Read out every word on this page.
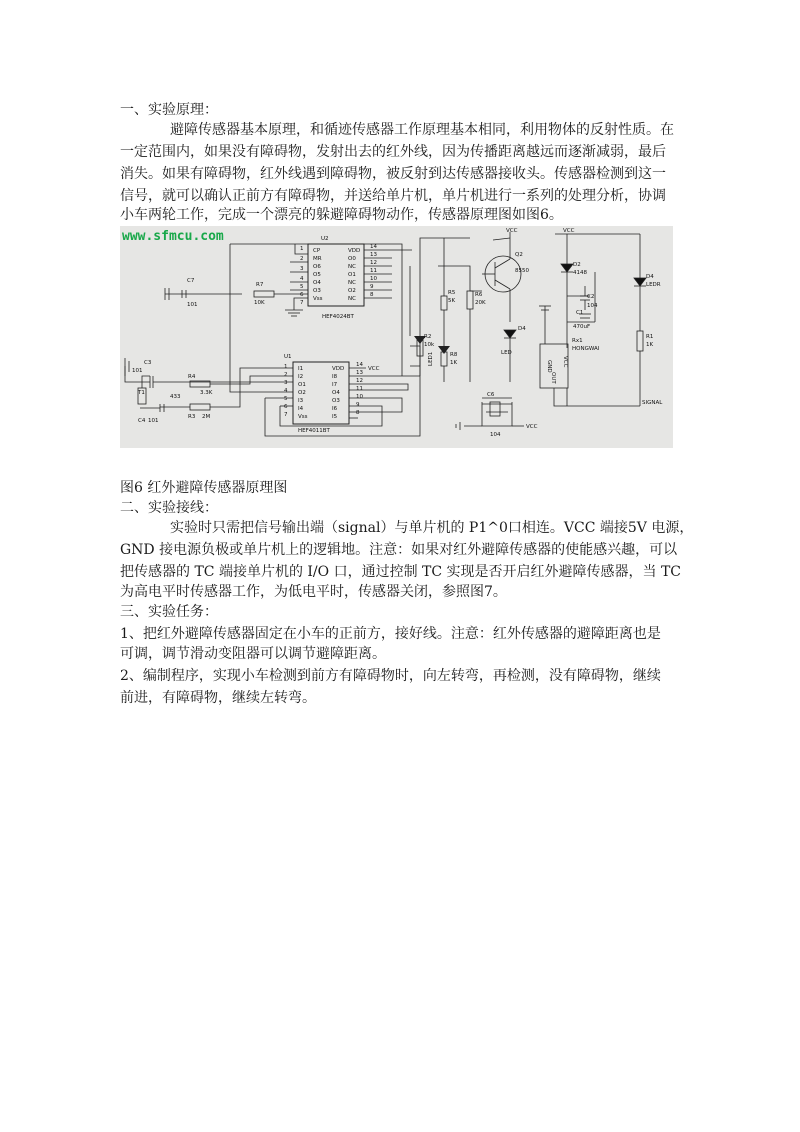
一、实验原理：
避障传感器基本原理，和循迹传感器工作原理基本相同，利用物体的反射性质。在
一定范围内，如果没有障碍物，发射出去的红外线，因为传播距离越远而逐渐减弱，最后
消失。如果有障碍物，红外线遇到障碍物，被反射到达传感器接收头。传感器检测到这一
信号，就可以确认正前方有障碍物，并送给单片机，单片机进行一系列的处理分析，协调
小车两轮工作，完成一个漂亮的躲避障碍物动作，传感器原理图如图6。
www.sfmcu.com	U2
HEF4024BT
CP
MR
O6
O5
O4
O3
Vss
VDD
O0
NC
O1
NC
O2
NC
1
2
3
4
5
6
7
14
13
12
11
10
9
8
U1
HEF4011BT
I1
I2
O1
O2
I3
I4
Vss
VDD
I8
I7
O4
O3
I6
I5
1
2
3
4
5
6
7
14
13
12
11
10
9
8
C7
101
R7
10K
C3
101
C4 101
T1
R4
3.3K
433
R3 2M
R2
10k
R5
5K
R6
20K
R8
1K
LED1
Q2
8550
D4
LED
D2
4148
C2
104
C1
470uF
D4
LEDR
R1
1K
Rx1
HONGWAI
GND VCC
OUT
C6
104
VCC	VCC
VCC
VCC
SIGNAL
图6 红外避障传感器原理图
二、实验接线：
实验时只需把信号输出端（signal）与单片机的 P1^0口相连。VCC 端接5V 电源，
GND 接电源负极或单片机上的逻辑地。注意：如果对红外避障传感器的使能感兴趣，可以
把传感器的 TC 端接单片机的 I/O 口，通过控制 TC 实现是否开启红外避障传感器，当 TC
为高电平时传感器工作，为低电平时，传感器关闭，参照图7。
三、实验任务：
1、把红外避障传感器固定在小车的正前方，接好线。注意：红外传感器的避障距离也是
可调，调节滑动变阻器可以调节避障距离。
2、编制程序，实现小车检测到前方有障碍物时，向左转弯，再检测，没有障碍物，继续
前进，有障碍物，继续左转弯。
